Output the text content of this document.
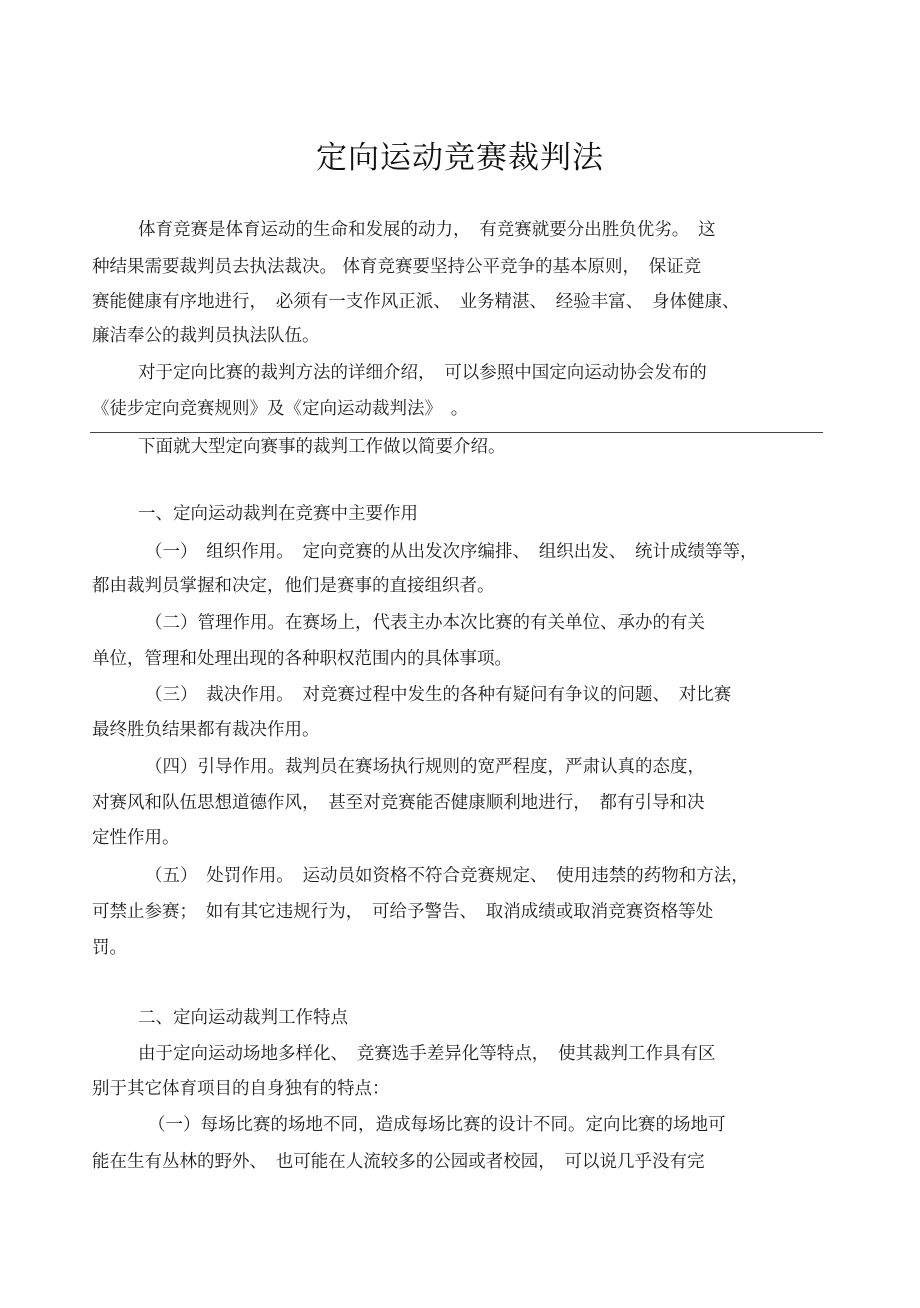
定向运动竞赛裁判法
体育竞赛是体育运动的生命和发展的动力，　有竞赛就要分出胜负优劣。　这
种结果需要裁判员去执法裁决。 体育竞赛要坚持公平竞争的基本原则，　保证竞
赛能健康有序地进行，　必须有一支作风正派、　业务精湛、　经验丰富、　身体健康、
廉洁奉公的裁判员执法队伍。
对于定向比赛的裁判方法的详细介绍，　可以参照中国定向运动协会发布的
《徒步定向竞赛规则》及《定向运动裁判法》　。
下面就大型定向赛事的裁判工作做以简要介绍。
一、定向运动裁判在竞赛中主要作用
（一）　组织作用。　定向竞赛的从出发次序编排、　组织出发、　统计成绩等等，
都由裁判员掌握和决定，他们是赛事的直接组织者。
（二）管理作用。在赛场上，代表主办本次比赛的有关单位、承办的有关
单位，管理和处理出现的各种职权范围内的具体事项。
（三）　裁决作用。　对竞赛过程中发生的各种有疑问有争议的问题、　对比赛
最终胜负结果都有裁决作用。
（四）引导作用。裁判员在赛场执行规则的宽严程度，严肃认真的态度，
对赛风和队伍思想道德作风，　甚至对竞赛能否健康顺利地进行，　都有引导和决
定性作用。
（五）　处罚作用。　运动员如资格不符合竞赛规定、　使用违禁的药物和方法，
可禁止参赛；　如有其它违规行为，　可给予警告、　取消成绩或取消竞赛资格等处
罚。
二、定向运动裁判工作特点
由于定向运动场地多样化、　竞赛选手差异化等特点，　使其裁判工作具有区
别于其它体育项目的自身独有的特点：
（一）每场比赛的场地不同，造成每场比赛的设计不同。定向比赛的场地可
能在生有丛林的野外、　也可能在人流较多的公园或者校园，　可以说几乎没有完
